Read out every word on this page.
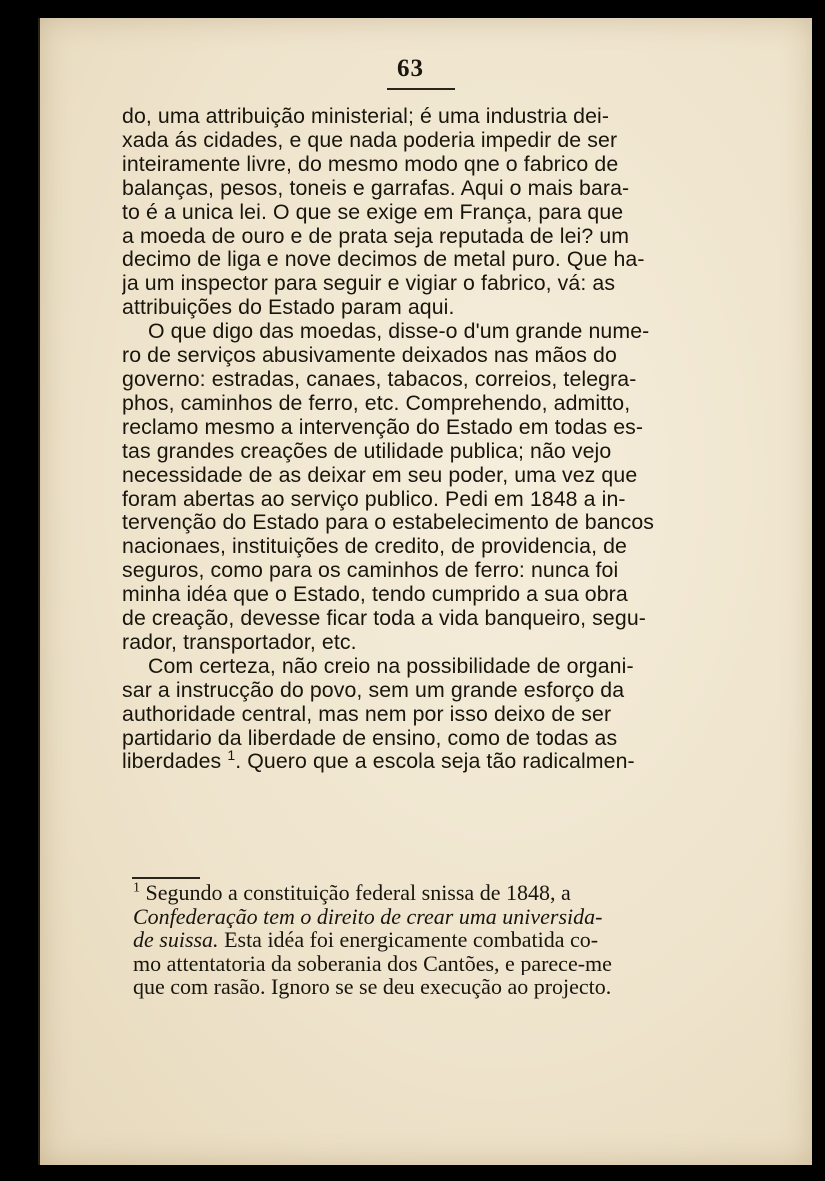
63
do, uma attribuição ministerial; é uma industria dei-
xada ás cidades, e que nada poderia impedir de ser
inteiramente livre, do mesmo modo qne o fabrico de
balanças, pesos, toneis e garrafas. Aqui o mais bara-
to é a unica lei. O que se exige em França, para que
a moeda de ouro e de prata seja reputada de lei? um
decimo de liga e nove decimos de metal puro. Que ha-
ja um inspector para seguir e vigiar o fabrico, vá: as
attribuições do Estado param aqui.
O que digo das moedas, disse-o d'um grande nume-
ro de serviços abusivamente deixados nas mãos do
governo: estradas, canaes, tabacos, correios, telegra-
phos, caminhos de ferro, etc. Comprehendo, admitto,
reclamo mesmo a intervenção do Estado em todas es-
tas grandes creações de utilidade publica; não vejo
necessidade de as deixar em seu poder, uma vez que
foram abertas ao serviço publico. Pedi em 1848 a in-
tervenção do Estado para o estabelecimento de bancos
nacionaes, instituições de credito, de providencia, de
seguros, como para os caminhos de ferro: nunca foi
minha idéa que o Estado, tendo cumprido a sua obra
de creação, devesse ficar toda a vida banqueiro, segu-
rador, transportador, etc.
Com certeza, não creio na possibilidade de organi-
sar a instrucção do povo, sem um grande esforço da
authoridade central, mas nem por isso deixo de ser
partidario da liberdade de ensino, como de todas as
liberdades $^1$. Quero que a escola seja tão radicalmen-
$^1$ Segundo a constituição federal snissa de 1848, a
Confederação tem o direito de crear uma universida-
de suissa. Esta idéa foi energicamente combatida co-
mo attentatoria da soberania dos Cantões, e parece-me
que com rasão. Ignoro se se deu execução ao projecto.
